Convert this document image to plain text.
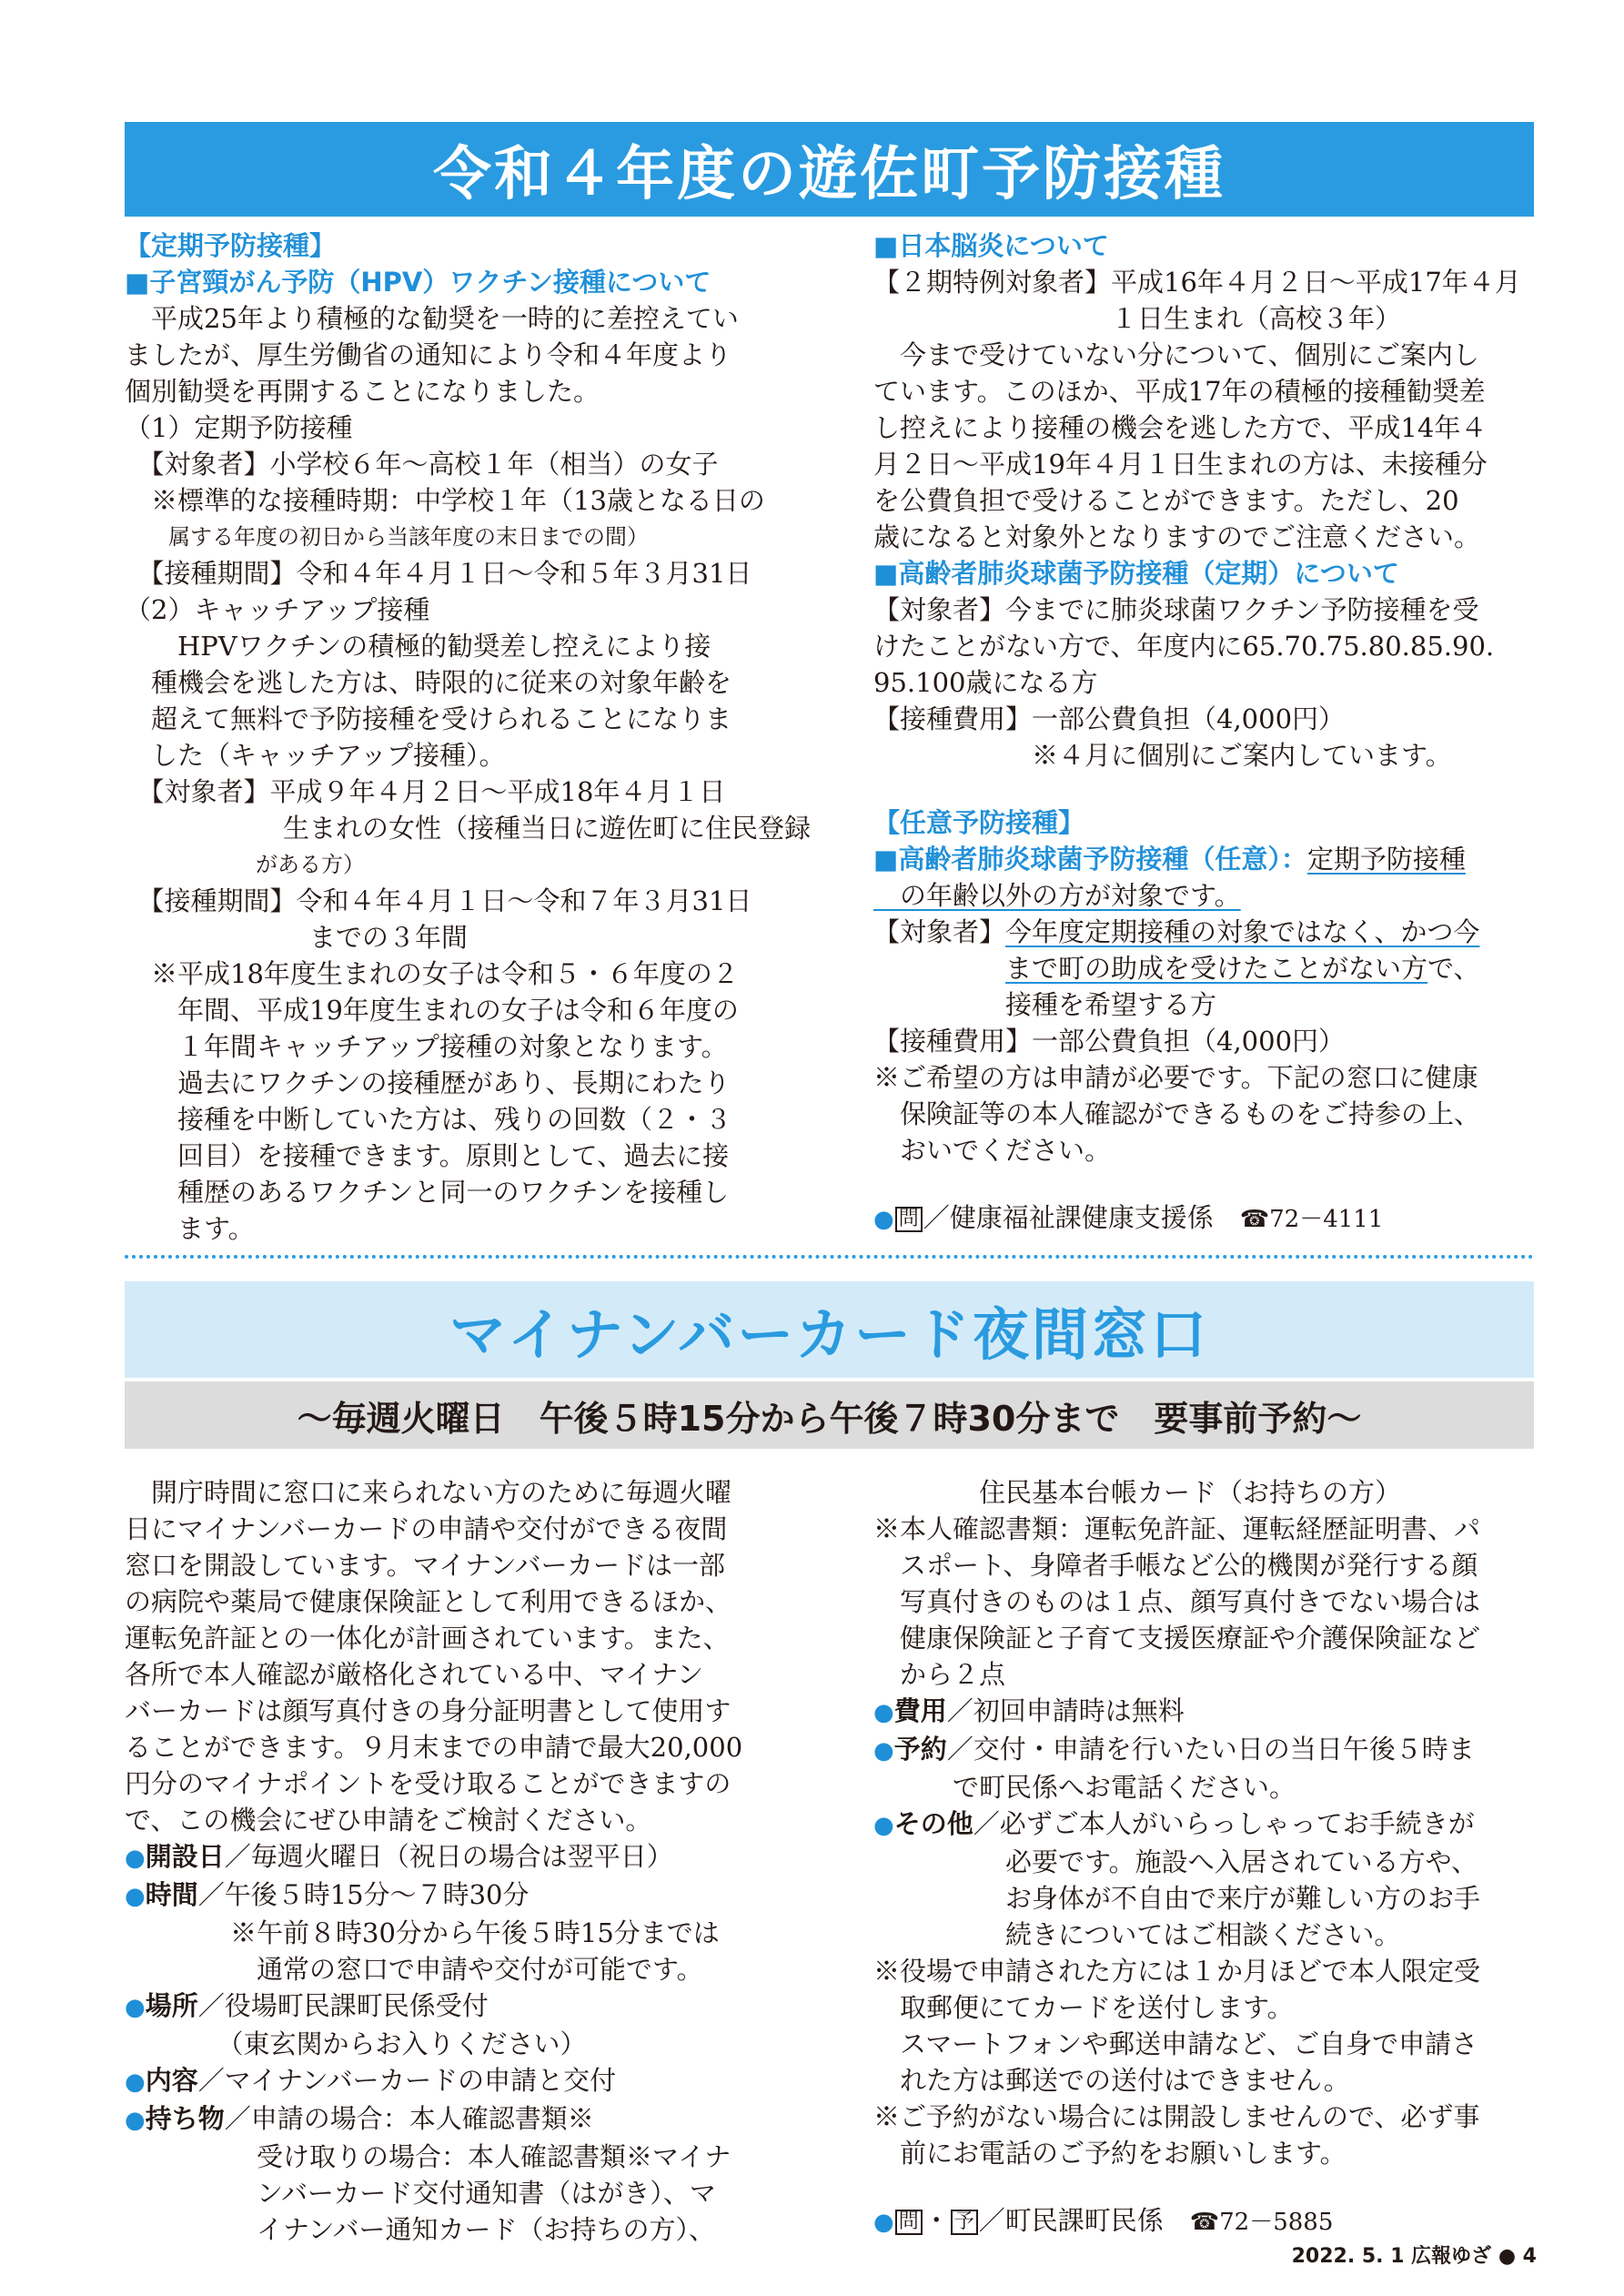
令和４年度の遊佐町予防接種
【定期予防接種】
■子宮頸がん予防（HPV）ワクチン接種について
　平成25年より積極的な勧奨を一時的に差控えてい
ましたが、厚生労働省の通知により令和４年度より
個別勧奨を再開することになりました。
（1）定期予防接種
　【対象者】小学校６年〜高校１年（相当）の女子
　※標準的な接種時期：中学校１年（13歳となる日の
　　属する年度の初日から当該年度の末日までの間）
　【接種期間】令和４年４月１日〜令和５年３月31日
（2）キャッチアップ接種
　　HPVワクチンの積極的勧奨差し控えにより接
　種機会を逃した方は、時限的に従来の対象年齢を
　超えて無料で予防接種を受けられることになりま
　した（キャッチアップ接種）。
　【対象者】平成９年４月２日〜平成18年４月１日
　　　　　　生まれの女性（接種当日に遊佐町に住民登録
　　　　　　がある方）
　【接種期間】令和４年４月１日〜令和７年３月31日
　　　　　　　までの３年間
　※平成18年度生まれの女子は令和５・６年度の２
　　年間、平成19年度生まれの女子は令和６年度の
　　１年間キャッチアップ接種の対象となります。
　　過去にワクチンの接種歴があり、長期にわたり
　　接種を中断していた方は、残りの回数（２・３
　　回目）を接種できます。原則として、過去に接
　　種歴のあるワクチンと同一のワクチンを接種し
　　ます。
■日本脳炎について
【２期特例対象者】平成16年４月２日〜平成17年４月
　　　　　　　　　１日生まれ（高校３年）
　今まで受けていない分について、個別にご案内し
ています。このほか、平成17年の積極的接種勧奨差
し控えにより接種の機会を逃した方で、平成14年４
月２日〜平成19年４月１日生まれの方は、未接種分
を公費負担で受けることができます。ただし、20
歳になると対象外となりますのでご注意ください。
■高齢者肺炎球菌予防接種（定期）について
【対象者】今までに肺炎球菌ワクチン予防接種を受
けたことがない方で、年度内に65.70.75.80.85.90.
95.100歳になる方
【接種費用】一部公費負担（4,000円）
　　　　　　※４月に個別にご案内しています。
【任意予防接種】
■高齢者肺炎球菌予防接種（任意）：定期予防接種
　の年齢以外の方が対象です。
【対象者】今年度定期接種の対象ではなく、かつ今
　　　　　まで町の助成を受けたことがない方で、
　　　　　接種を希望する方
【接種費用】一部公費負担（4,000円）
※ご希望の方は申請が必要です。下記の窓口に健康
　保険証等の本人確認ができるものをご持参の上、
　おいでください。
● 問 ／健康福祉課健康支援係　☎72－4111
マイナンバーカード夜間窓口
〜毎週火曜日　午後５時15分から午後７時30分まで　要事前予約〜
　開庁時間に窓口に来られない方のために毎週火曜
日にマイナンバーカードの申請や交付ができる夜間
窓口を開設しています。マイナンバーカードは一部
の病院や薬局で健康保険証として利用できるほか、
運転免許証との一体化が計画されています。また、
各所で本人確認が厳格化されている中、マイナン
バーカードは顔写真付きの身分証明書として使用す
ることができます。９月末までの申請で最大20,000
円分のマイナポイントを受け取ることができますの
で、この機会にぜひ申請をご検討ください。
●開設日／毎週火曜日（祝日の場合は翌平日）
●時間／午後５時15分〜７時30分
　　　　※午前８時30分から午後５時15分までは
　　　　　通常の窓口で申請や交付が可能です。
●場所／役場町民課町民係受付
　　　　（東玄関からお入りください）
●内容／マイナンバーカードの申請と交付
●持ち物／申請の場合：本人確認書類※
　　　　　受け取りの場合：本人確認書類※マイナ
　　　　　ンバーカード交付通知書（はがき）、マ
　　　　　イナンバー通知カード（お持ちの方）、
　　　　住民基本台帳カード（お持ちの方）
※本人確認書類：運転免許証、運転経歴証明書、パ
　スポート、身障者手帳など公的機関が発行する顔
　写真付きのものは１点、顔写真付きでない場合は
　健康保険証と子育て支援医療証や介護保険証など
　から２点
●費用／初回申請時は無料
●予約／交付・申請を行いたい日の当日午後５時ま
　　　で町民係へお電話ください。
●その他／必ずご本人がいらっしゃってお手続きが
　　　　　必要です。施設へ入居されている方や、
　　　　　お身体が不自由で来庁が難しい方のお手
　　　　　続きについてはご相談ください。
※役場で申請された方には１か月ほどで本人限定受
　取郵便にてカードを送付します。
　スマートフォンや郵送申請など、ご自身で申請さ
　れた方は郵送での送付はできません。
※ご予約がない場合には開設しませんので、必ず事
　前にお電話のご予約をお願いします。
● 問 ・ 予 ／町民課町民係　☎72－5885
2022. 5. 1 広報ゆざ ● 4
